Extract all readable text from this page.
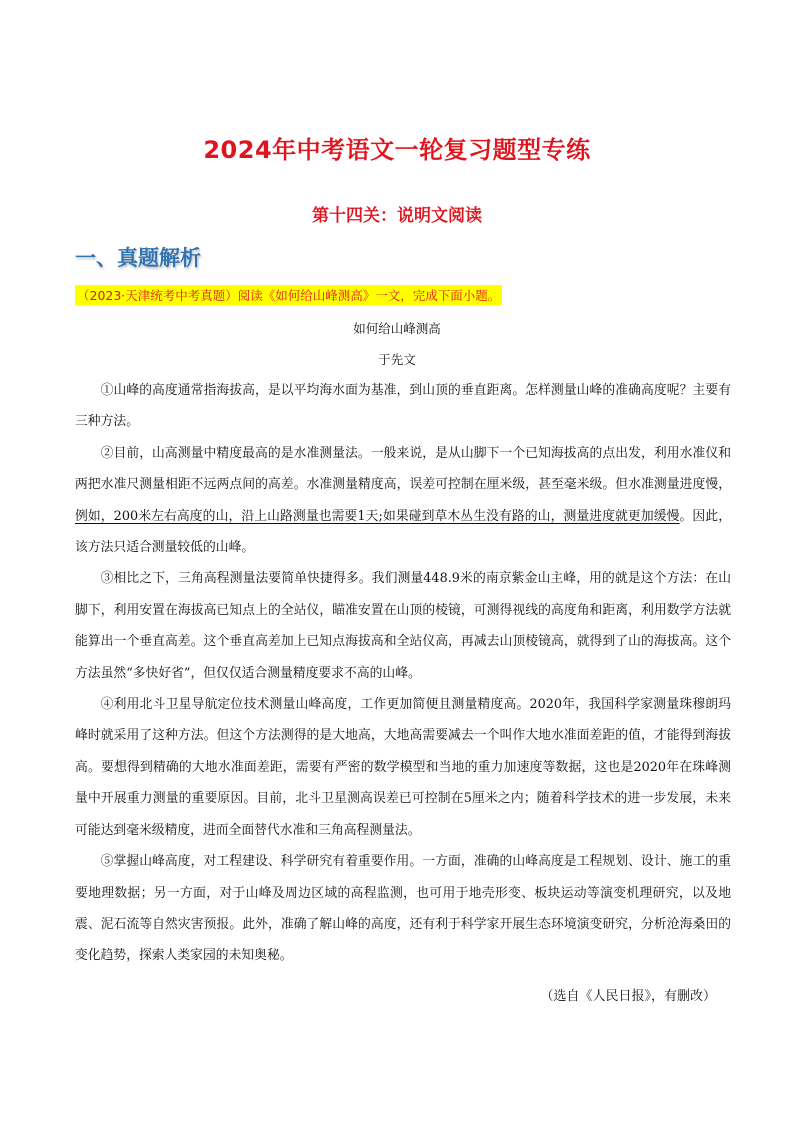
2024年中考语文一轮复习题型专练
第十四关：说明文阅读
一、真题解析
（2023·天津统考中考真题）阅读《如何给山峰测高》一文，完成下面小题。
如何给山峰测高
于先文

①山峰的高度通常指海拔高，是以平均海水面为基准，到山顶的垂直距离。怎样测量山峰的准确高度呢？主要有三种方法。

②目前，山高测量中精度最高的是水准测量法。一般来说，是从山脚下一个已知海拔高的点出发，利用水准仪和两把水准尺测量相距不远两点间的高差。水准测量精度高，误差可控制在厘米级，甚至毫米级。但水准测量进度慢，例如，200米左右高度的山，沿上山路测量也需要1天;如果碰到草木丛生没有路的山，测量进度就更加缓慢。因此，该方法只适合测量较低的山峰。

③相比之下，三角高程测量法要简单快捷得多。我们测量448.9米的南京紫金山主峰，用的就是这个方法：在山脚下，利用安置在海拔高已知点上的全站仪，瞄准安置在山顶的棱镜，可测得视线的高度角和距离，利用数学方法就能算出一个垂直高差。这个垂直高差加上已知点海拔高和全站仪高，再减去山顶棱镜高，就得到了山的海拔高。这个方法虽然“多快好省”，但仅仅适合测量精度要求不高的山峰。

④利用北斗卫星导航定位技术测量山峰高度，工作更加简便且测量精度高。2020年，我国科学家测量珠穆朗玛峰时就采用了这种方法。但这个方法测得的是大地高，大地高需要减去一个叫作大地水准面差距的值，才能得到海拔高。要想得到精确的大地水准面差距，需要有严密的数学模型和当地的重力加速度等数据，这也是2020年在珠峰测量中开展重力测量的重要原因。目前，北斗卫星测高误差已可控制在5厘米之内；随着科学技术的进一步发展，未来可能达到毫米级精度，进而全面替代水准和三角高程测量法。

⑤掌握山峰高度，对工程建设、科学研究有着重要作用。一方面，准确的山峰高度是工程规划、设计、施工的重要地理数据；另一方面，对于山峰及周边区域的高程监测，也可用于地壳形变、板块运动等演变机理研究，以及地震、泥石流等自然灾害预报。此外，准确了解山峰的高度，还有利于科学家开展生态环境演变研究，分析沧海桑田的变化趋势，探索人类家园的未知奥秘。

（选自《人民日报》，有删改）
